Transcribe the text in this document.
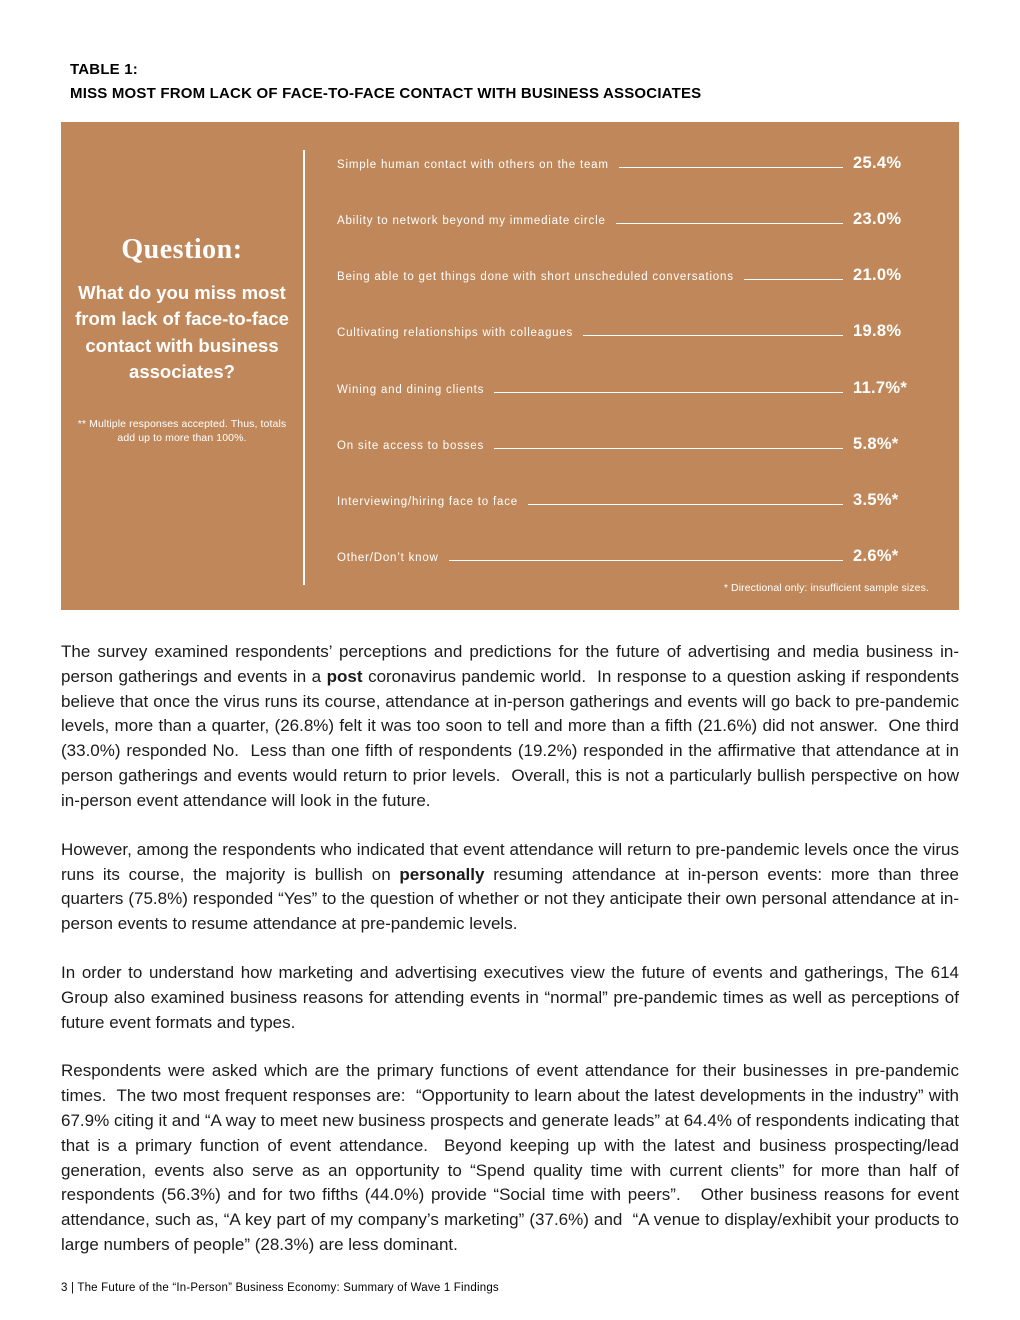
TABLE 1:
MISS MOST FROM LACK OF FACE-TO-FACE CONTACT WITH BUSINESS ASSOCIATES
Question:
What do you miss most from lack of face-to-face contact with business associates?
** Multiple responses accepted. Thus, totals add up to more than 100%.
Simple human contact with others on the team	25.4%
Ability to network beyond my immediate circle	23.0%
Being able to get things done with short unscheduled conversations	21.0%
Cultivating relationships with colleagues	19.8%
Wining and dining clients	11.7%*
On site access to bosses	5.8%*
Interviewing/hiring face to face	3.5%*
Other/Don’t know	2.6%*
* Directional only: insufficient sample sizes.

The survey examined respondents’ perceptions and predictions for the future of advertising and media business in-person gatherings and events in a post coronavirus pandemic world.  In response to a question asking if respondents believe that once the virus runs its course, attendance at in-person gatherings and events will go back to pre-pandemic levels, more than a quarter, (26.8%) felt it was too soon to tell and more than a fifth (21.6%) did not answer.  One third (33.0%) responded No.  Less than one fifth of respondents (19.2%) responded in the affirmative that attendance at in person gatherings and events would return to prior levels.  Overall, this is not a particularly bullish perspective on how in-person event attendance will look in the future.

However, among the respondents who indicated that event attendance will return to pre-pandemic levels once the virus runs its course, the majority is bullish on personally resuming attendance at in-person events: more than three quarters (75.8%) responded “Yes” to the question of whether or not they anticipate their own personal attendance at in-person events to resume attendance at pre-pandemic levels.

In order to understand how marketing and advertising executives view the future of events and gatherings, The 614 Group also examined business reasons for attending events in “normal” pre-pandemic times as well as perceptions of future event formats and types.

Respondents were asked which are the primary functions of event attendance for their businesses in pre-pandemic times.  The two most frequent responses are:  “Opportunity to learn about the latest developments in the industry” with 67.9% citing it and “A way to meet new business prospects and generate leads” at 64.4% of respondents indicating that that is a primary function of event attendance.  Beyond keeping up with the latest and business prospecting/lead generation, events also serve as an opportunity to “Spend quality time with current clients” for more than half of respondents (56.3%) and for two fifths (44.0%) provide “Social time with peers”.   Other business reasons for event attendance, such as, “A key part of my company’s marketing” (37.6%) and  “A venue to display/exhibit your products to large numbers of people” (28.3%) are less dominant.

3 | The Future of the “In-Person” Business Economy: Summary of Wave 1 Findings
